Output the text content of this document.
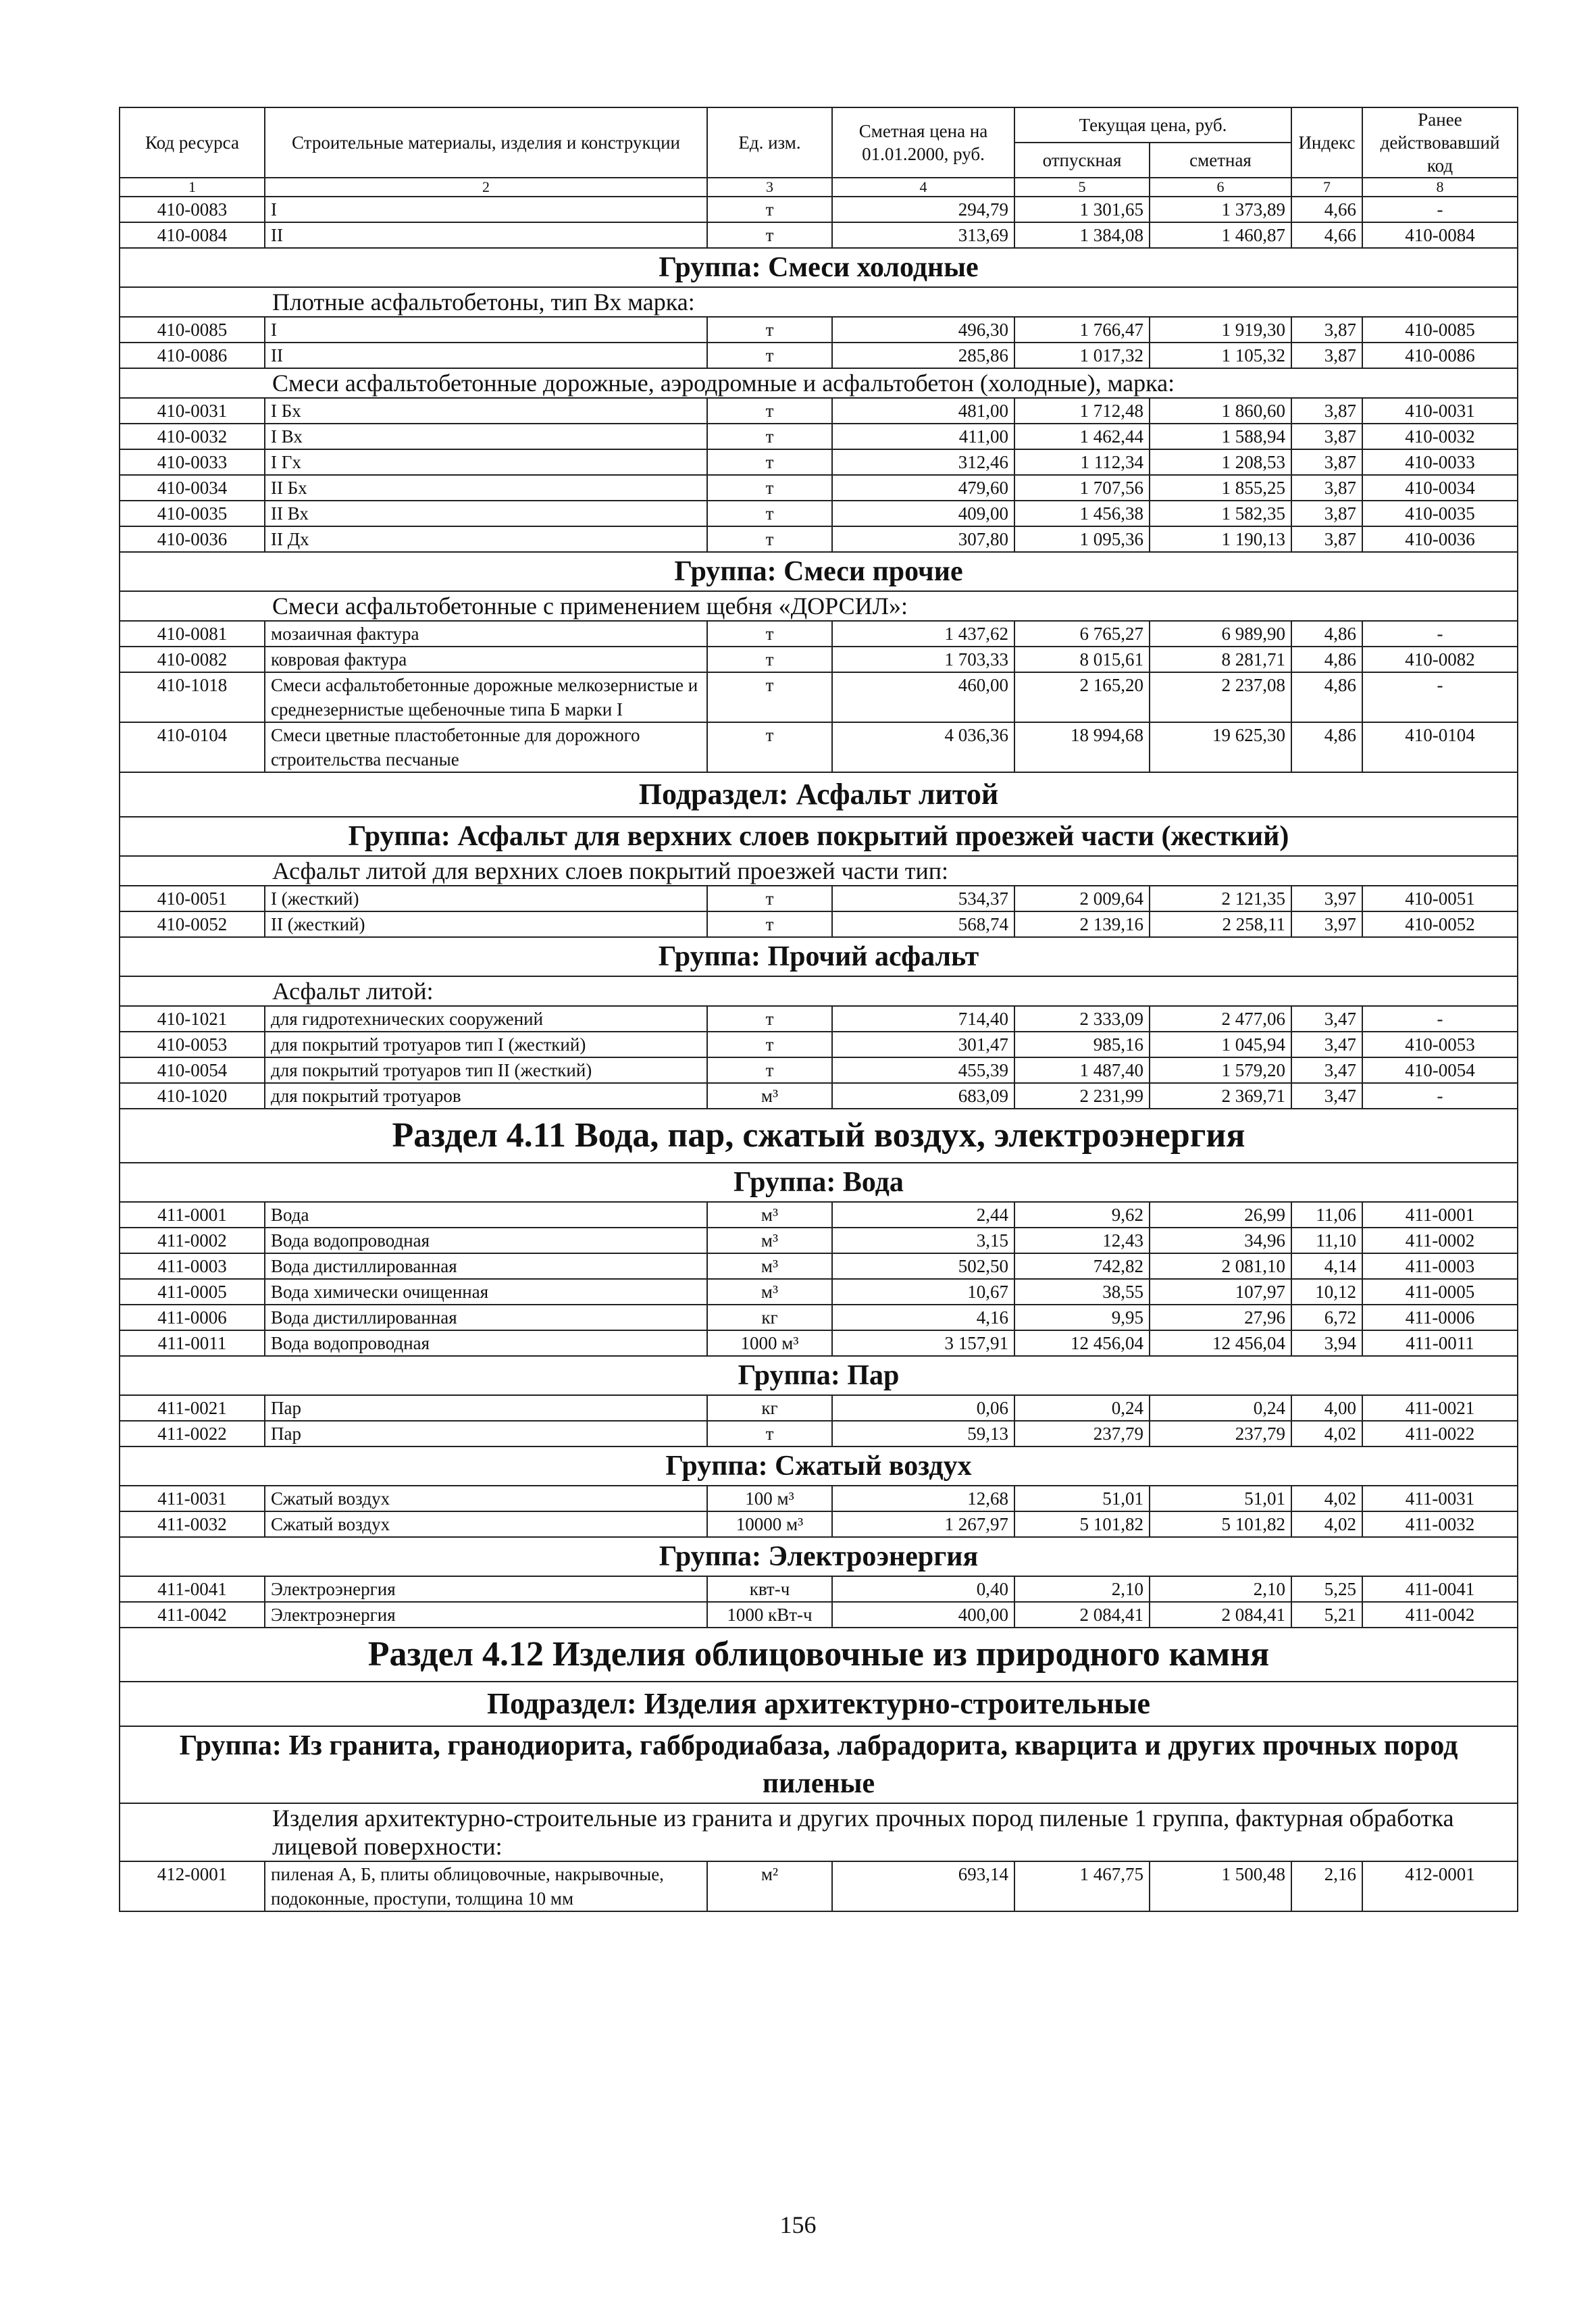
Код ресурса	Строительные материалы, изделия и конструкции	Ед. изм.	Сметная цена на 01.01.2000, руб.	Текущая цена, руб.		Индекс	Ранее действовавший код
				отпускная	сметная		
1	2	3	4	5	6	7	8
410-0083	I	т	294,79	1 301,65	1 373,89	4,66	-
410-0084	II	т	313,69	1 384,08	1 460,87	4,66	410-0084
Группа: Смеси холодные							
Плотные асфальтобетоны, тип Вх марка:							
410-0085	I	т	496,30	1 766,47	1 919,30	3,87	410-0085
410-0086	II	т	285,86	1 017,32	1 105,32	3,87	410-0086
Смеси асфальтобетонные дорожные, аэродромные и асфальтобетон (холодные), марка:							
410-0031	I Бх	т	481,00	1 712,48	1 860,60	3,87	410-0031
410-0032	I Вх	т	411,00	1 462,44	1 588,94	3,87	410-0032
410-0033	I Гх	т	312,46	1 112,34	1 208,53	3,87	410-0033
410-0034	II Бх	т	479,60	1 707,56	1 855,25	3,87	410-0034
410-0035	II Вх	т	409,00	1 456,38	1 582,35	3,87	410-0035
410-0036	II Дх	т	307,80	1 095,36	1 190,13	3,87	410-0036
Группа: Смеси прочие							
Смеси асфальтобетонные с применением щебня «ДОРСИЛ»:							
410-0081	мозаичная фактура	т	1 437,62	6 765,27	6 989,90	4,86	-
410-0082	ковровая фактура	т	1 703,33	8 015,61	8 281,71	4,86	410-0082
410-1018	Смеси асфальтобетонные дорожные мелкозернистые и среднезернистые щебеночные типа Б марки I	т	460,00	2 165,20	2 237,08	4,86	-
410-0104	Смеси цветные пластобетонные для дорожного строительства песчаные	т	4 036,36	18 994,68	19 625,30	4,86	410-0104
Подраздел: Асфальт литой							
Группа: Асфальт для верхних слоев покрытий проезжей части (жесткий)							
Асфальт литой для верхних слоев покрытий проезжей части тип:							
410-0051	I (жесткий)	т	534,37	2 009,64	2 121,35	3,97	410-0051
410-0052	II (жесткий)	т	568,74	2 139,16	2 258,11	3,97	410-0052
Группа: Прочий асфальт							
Асфальт литой:							
410-1021	для гидротехнических сооружений	т	714,40	2 333,09	2 477,06	3,47	-
410-0053	для покрытий тротуаров тип I (жесткий)	т	301,47	985,16	1 045,94	3,47	410-0053
410-0054	для покрытий тротуаров тип II (жесткий)	т	455,39	1 487,40	1 579,20	3,47	410-0054
410-1020	для покрытий тротуаров	м³	683,09	2 231,99	2 369,71	3,47	-
Раздел 4.11 Вода, пар, сжатый воздух, электроэнергия							
Группа: Вода							
411-0001	Вода	м³	2,44	9,62	26,99	11,06	411-0001
411-0002	Вода водопроводная	м³	3,15	12,43	34,96	11,10	411-0002
411-0003	Вода дистиллированная	м³	502,50	742,82	2 081,10	4,14	411-0003
411-0005	Вода химически очищенная	м³	10,67	38,55	107,97	10,12	411-0005
411-0006	Вода дистиллированная	кг	4,16	9,95	27,96	6,72	411-0006
411-0011	Вода водопроводная	1000 м³	3 157,91	12 456,04	12 456,04	3,94	411-0011
Группа: Пар							
411-0021	Пар	кг	0,06	0,24	0,24	4,00	411-0021
411-0022	Пар	т	59,13	237,79	237,79	4,02	411-0022
Группа: Сжатый воздух							
411-0031	Сжатый воздух	100 м³	12,68	51,01	51,01	4,02	411-0031
411-0032	Сжатый воздух	10000 м³	1 267,97	5 101,82	5 101,82	4,02	411-0032
Группа: Электроэнергия							
411-0041	Электроэнергия	квт-ч	0,40	2,10	2,10	5,25	411-0041
411-0042	Электроэнергия	1000 кВт-ч	400,00	2 084,41	2 084,41	5,21	411-0042
Раздел 4.12 Изделия облицовочные из природного камня							
Подраздел: Изделия архитектурно-строительные							
Группа: Из гранита, гранодиорита, габбродиабаза, лабрадорита, кварцита и других прочных пород пиленые							
Изделия архитектурно-строительные из гранита и других прочных пород пиленые 1 группа, фактурная обработка лицевой поверхности:							
412-0001	пиленая А, Б, плиты облицовочные, накрывочные, подоконные, проступи, толщина 10 мм	м²	693,14	1 467,75	1 500,48	2,16	412-0001
156
